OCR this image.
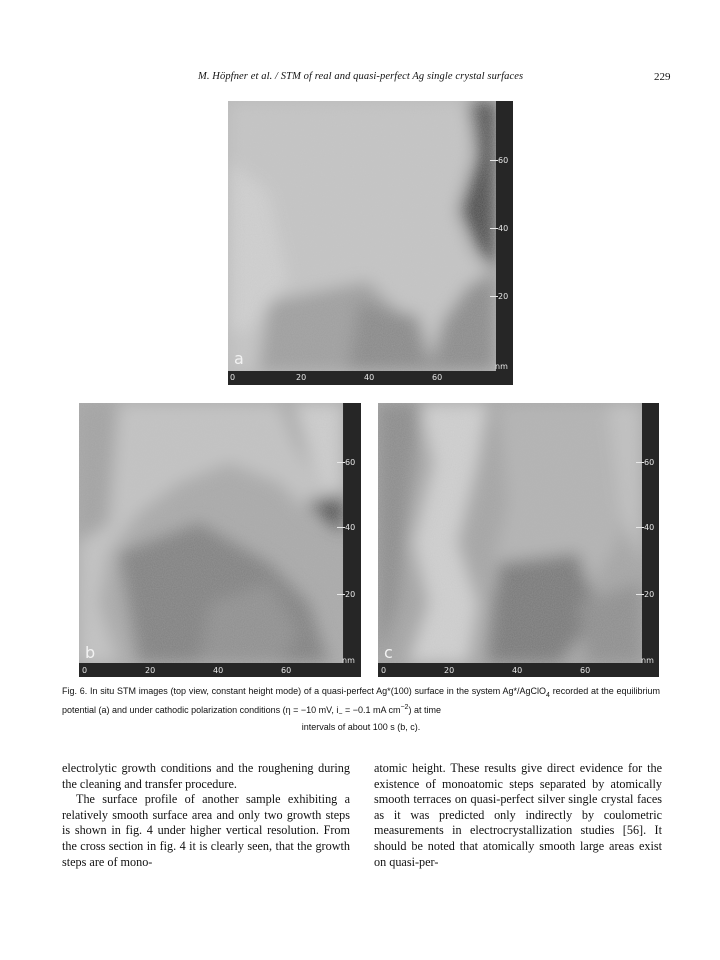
M. Höpfner et al. / STM of real and quasi-perfect Ag single crystal surfaces	229
a
60
40
20
nm
0	20	40	60
b
60
40
20
nm
0	20	40	60
c
60
40
20
nm
0	20	40	60
Fig. 6. In situ STM images (top view, constant height mode) of a quasi-perfect Ag*(100) surface in the system Ag*/AgClO$_4$ recorded at the equilibrium potential (a) and under cathodic polarization conditions (η = −10 mV, $i_- = -0.1$ mA $cm^{-2}$) at time
intervals of about 100 s (b, c).

electrolytic growth conditions and the roughening during the cleaning and transfer procedure.

The surface profile of another sample exhibiting a relatively smooth surface area and only two growth steps is shown in fig. 4 under higher vertical resolution. From the cross section in fig. 4 it is clearly seen, that the growth steps are of mono-

atomic height. These results give direct evidence for the existence of monoatomic steps separated by atomically smooth terraces on quasi-perfect silver single crystal faces as it was predicted only indirectly by coulometric measurements in electrocrystallization studies [56]. It should be noted that atomically smooth large areas exist on quasi-per-
